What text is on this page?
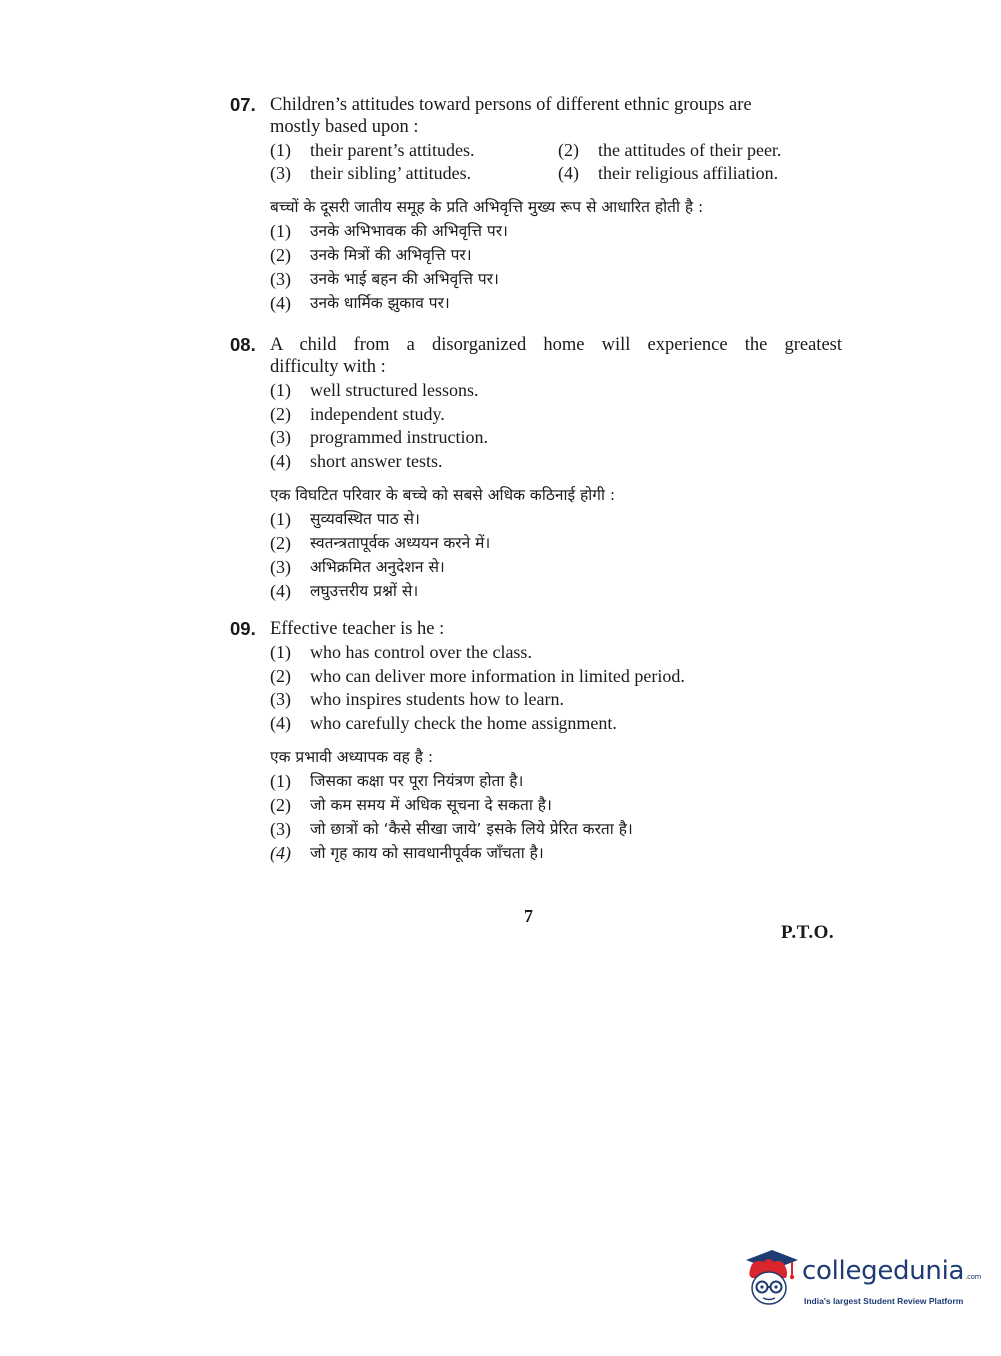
07. Children’s attitudes toward persons of different ethnic groups are
mostly based upon :
(1)	their parent’s attitudes.	(2)	the attitudes of their peer.
(3)	their sibling’ attitudes.	(4)	their religious affiliation.
बच्चों के दूसरी जातीय समूह के प्रति अभिवृत्ति मुख्य रूप से आधारित होती है :
(1)	उनके अभिभावक की अभिवृत्ति पर।
(2)	उनके मित्रों की अभिवृत्ति पर।
(3)	उनके भाई बहन की अभिवृत्ति पर।
(4)	उनके धार्मिक झुकाव पर।
08. A child from a disorganized home will experience the greatest
difficulty with :
(1)	well structured lessons.
(2)	independent study.
(3)	programmed instruction.
(4)	short answer tests.
एक विघटित परिवार के बच्चे को सबसे अधिक कठिनाई होगी :
(1)	सुव्यवस्थित पाठ से।
(2)	स्वतन्त्रतापूर्वक अध्ययन करने में।
(3)	अभिक्रमित अनुदेशन से।
(4)	लघुउत्तरीय प्रश्नों से।
09. Effective teacher is he :
(1)	who has control over the class.
(2)	who can deliver more information in limited period.
(3)	who inspires students how to learn.
(4)	who carefully check the home assignment.
एक प्रभावी अध्यापक वह है :
(1)	जिसका कक्षा पर पूरा नियंत्रण होता है।
(2)	जो कम समय में अधिक सूचना दे सकता है।
(3)	जो छात्रों को ‘कैसे सीखा जाये’ इसके लिये प्रेरित करता है।
(4)	जो गृह काय को सावधानीपूर्वक जाँचता है।
7
P.T.O.
collegedunia.com
India's largest Student Review Platform
